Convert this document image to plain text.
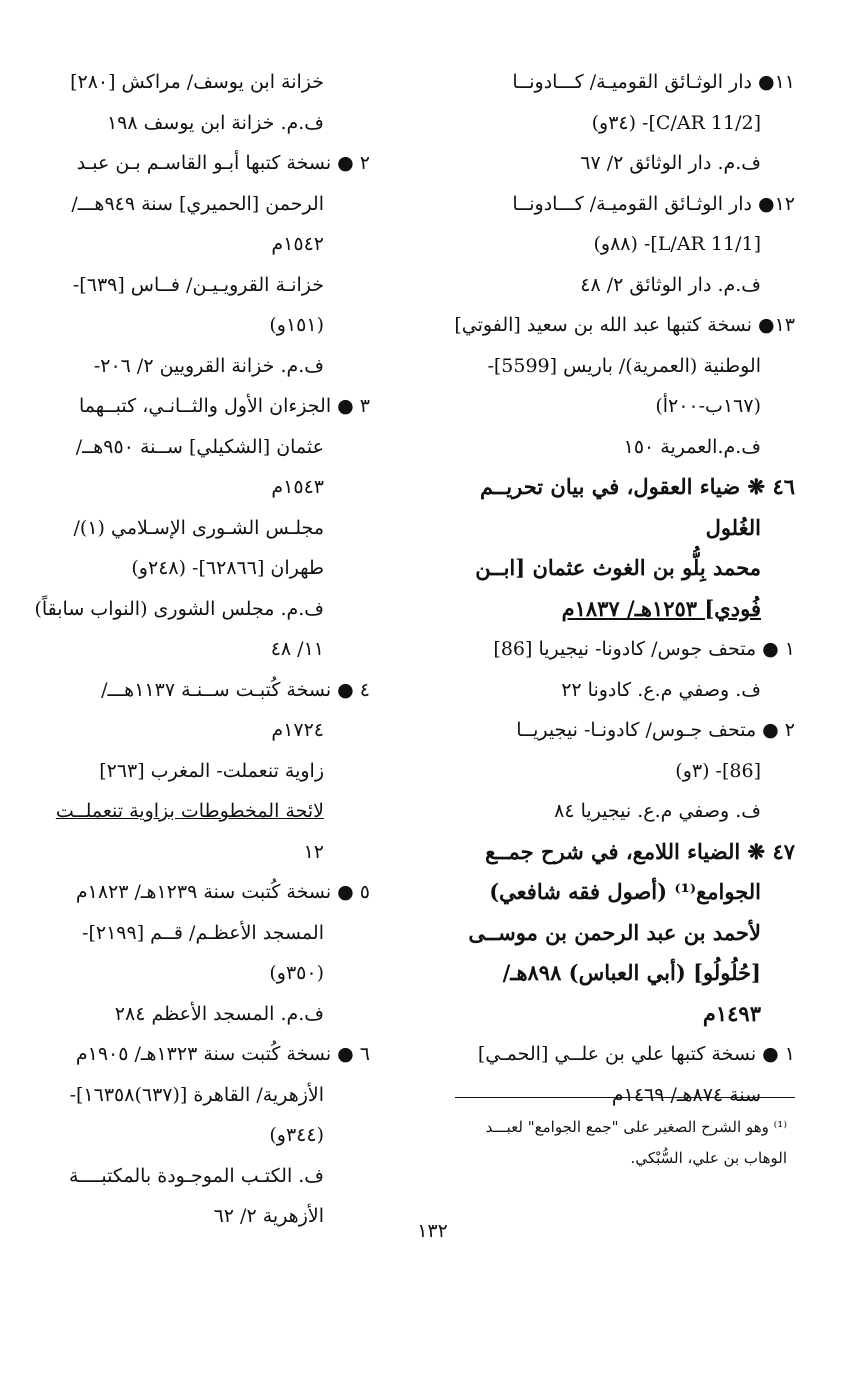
١١● دار الوثـائق القوميـة/ كـــادونــا
[C/AR 11/2]- (٣٤و)
ف.م. دار الوثائق ٢/ ٦٧
١٢● دار الوثـائق القوميـة/ كـــادونــا
[L/AR 11/1]- (٨٨و)
ف.م. دار الوثائق ٢/ ٤٨
١٣● نسخة كتبها عبد الله بن سعيد [الفوتي]
الوطنية (العمرية)/ باريس [5599]-
(١٦٧ب-٢٠٠أ)
ف.م.العمرية ١٥٠
٤٦ ❋ ضياء العقول، في بيان تحريــم
الغُلول
محمد بِلُّو بن الغوث عثمان [ابــن
فُودي] ١٢٥٣هـ/ ١٨٣٧م
١ ● متحف جوس/ كادونا- نيجيريا [86]
ف. وصفي م.ع. كادونا ٢٢
٢ ● متحف جـوس/ كادونـا- نيجيريــا
[86]- (٣و)
ف. وصفي م.ع. نيجيريا ٨٤
٤٧ ❋ الضياء اللامع، في شرح جمــع
الجوامع⁽¹⁾ (أصول فقه شافعي)
لأحمد بن عبد الرحمن بن موســى
[حُلُولُو] (أبي العباس) ٨٩٨هـ/
١٤٩٣م
١ ● نسخة كتبها علي بن علــي [الحمـي]
سنة ٨٧٤هـ/ ١٤٦٩م
خزانة ابن يوسف/ مراكش [٢٨٠]
ف.م. خزانة ابن يوسف ١٩٨
٢ ● نسخة كتبها أبـو القاسـم بـن عبـد
الرحمن [الحميري] سنة ٩٤٩هـــ/
١٥٤٢م
خزانـة القرويـيـن/ فــاس [٦٣٩]-
(١٥١و)
ف.م. خزانة القرويين ٢/ ٢٠٦-
٣ ● الجزءان الأول والثــانـي، كتبــهما
عثمان [الشكيلي] ســنة ٩٥٠هــ/
١٥٤٣م
مجلـس الشـورى الإسـلامي (١)/
طهران [٦٢٨٦٦]- (٢٤٨و)
ف.م. مجلس الشورى (النواب سابقاً)
١١/ ٤٨
٤ ● نسخة كُتبـت ســنـة ١١٣٧هـــ/
١٧٢٤م
زاوية تنعملت- المغرب [٢٦٣]
لائحة المخطوطات بزاوية تنعملــت
١٢
٥ ● نسخة كُتبت سنة ١٢٣٩هـ/ ١٨٢٣م
المسجد الأعظـم/ قــم [٢١٩٩]-
(٣٥٠و)
ف.م. المسجد الأعظم ٢٨٤
٦ ● نسخة كُتبت سنة ١٣٢٣هـ/ ١٩٠٥م
الأزهرية/ القاهرة [(٦٣٧)١٦٣٥٨]-
(٣٤٤و)
ف. الكتـب الموجـودة بالمكتبــــة
الأزهرية ٢/ ٦٢
⁽¹⁾ وهو الشرح الصغير على "جمع الجوامع" لعبـــد
الوهاب بن علي، السُّبْكي.
١٣٢
